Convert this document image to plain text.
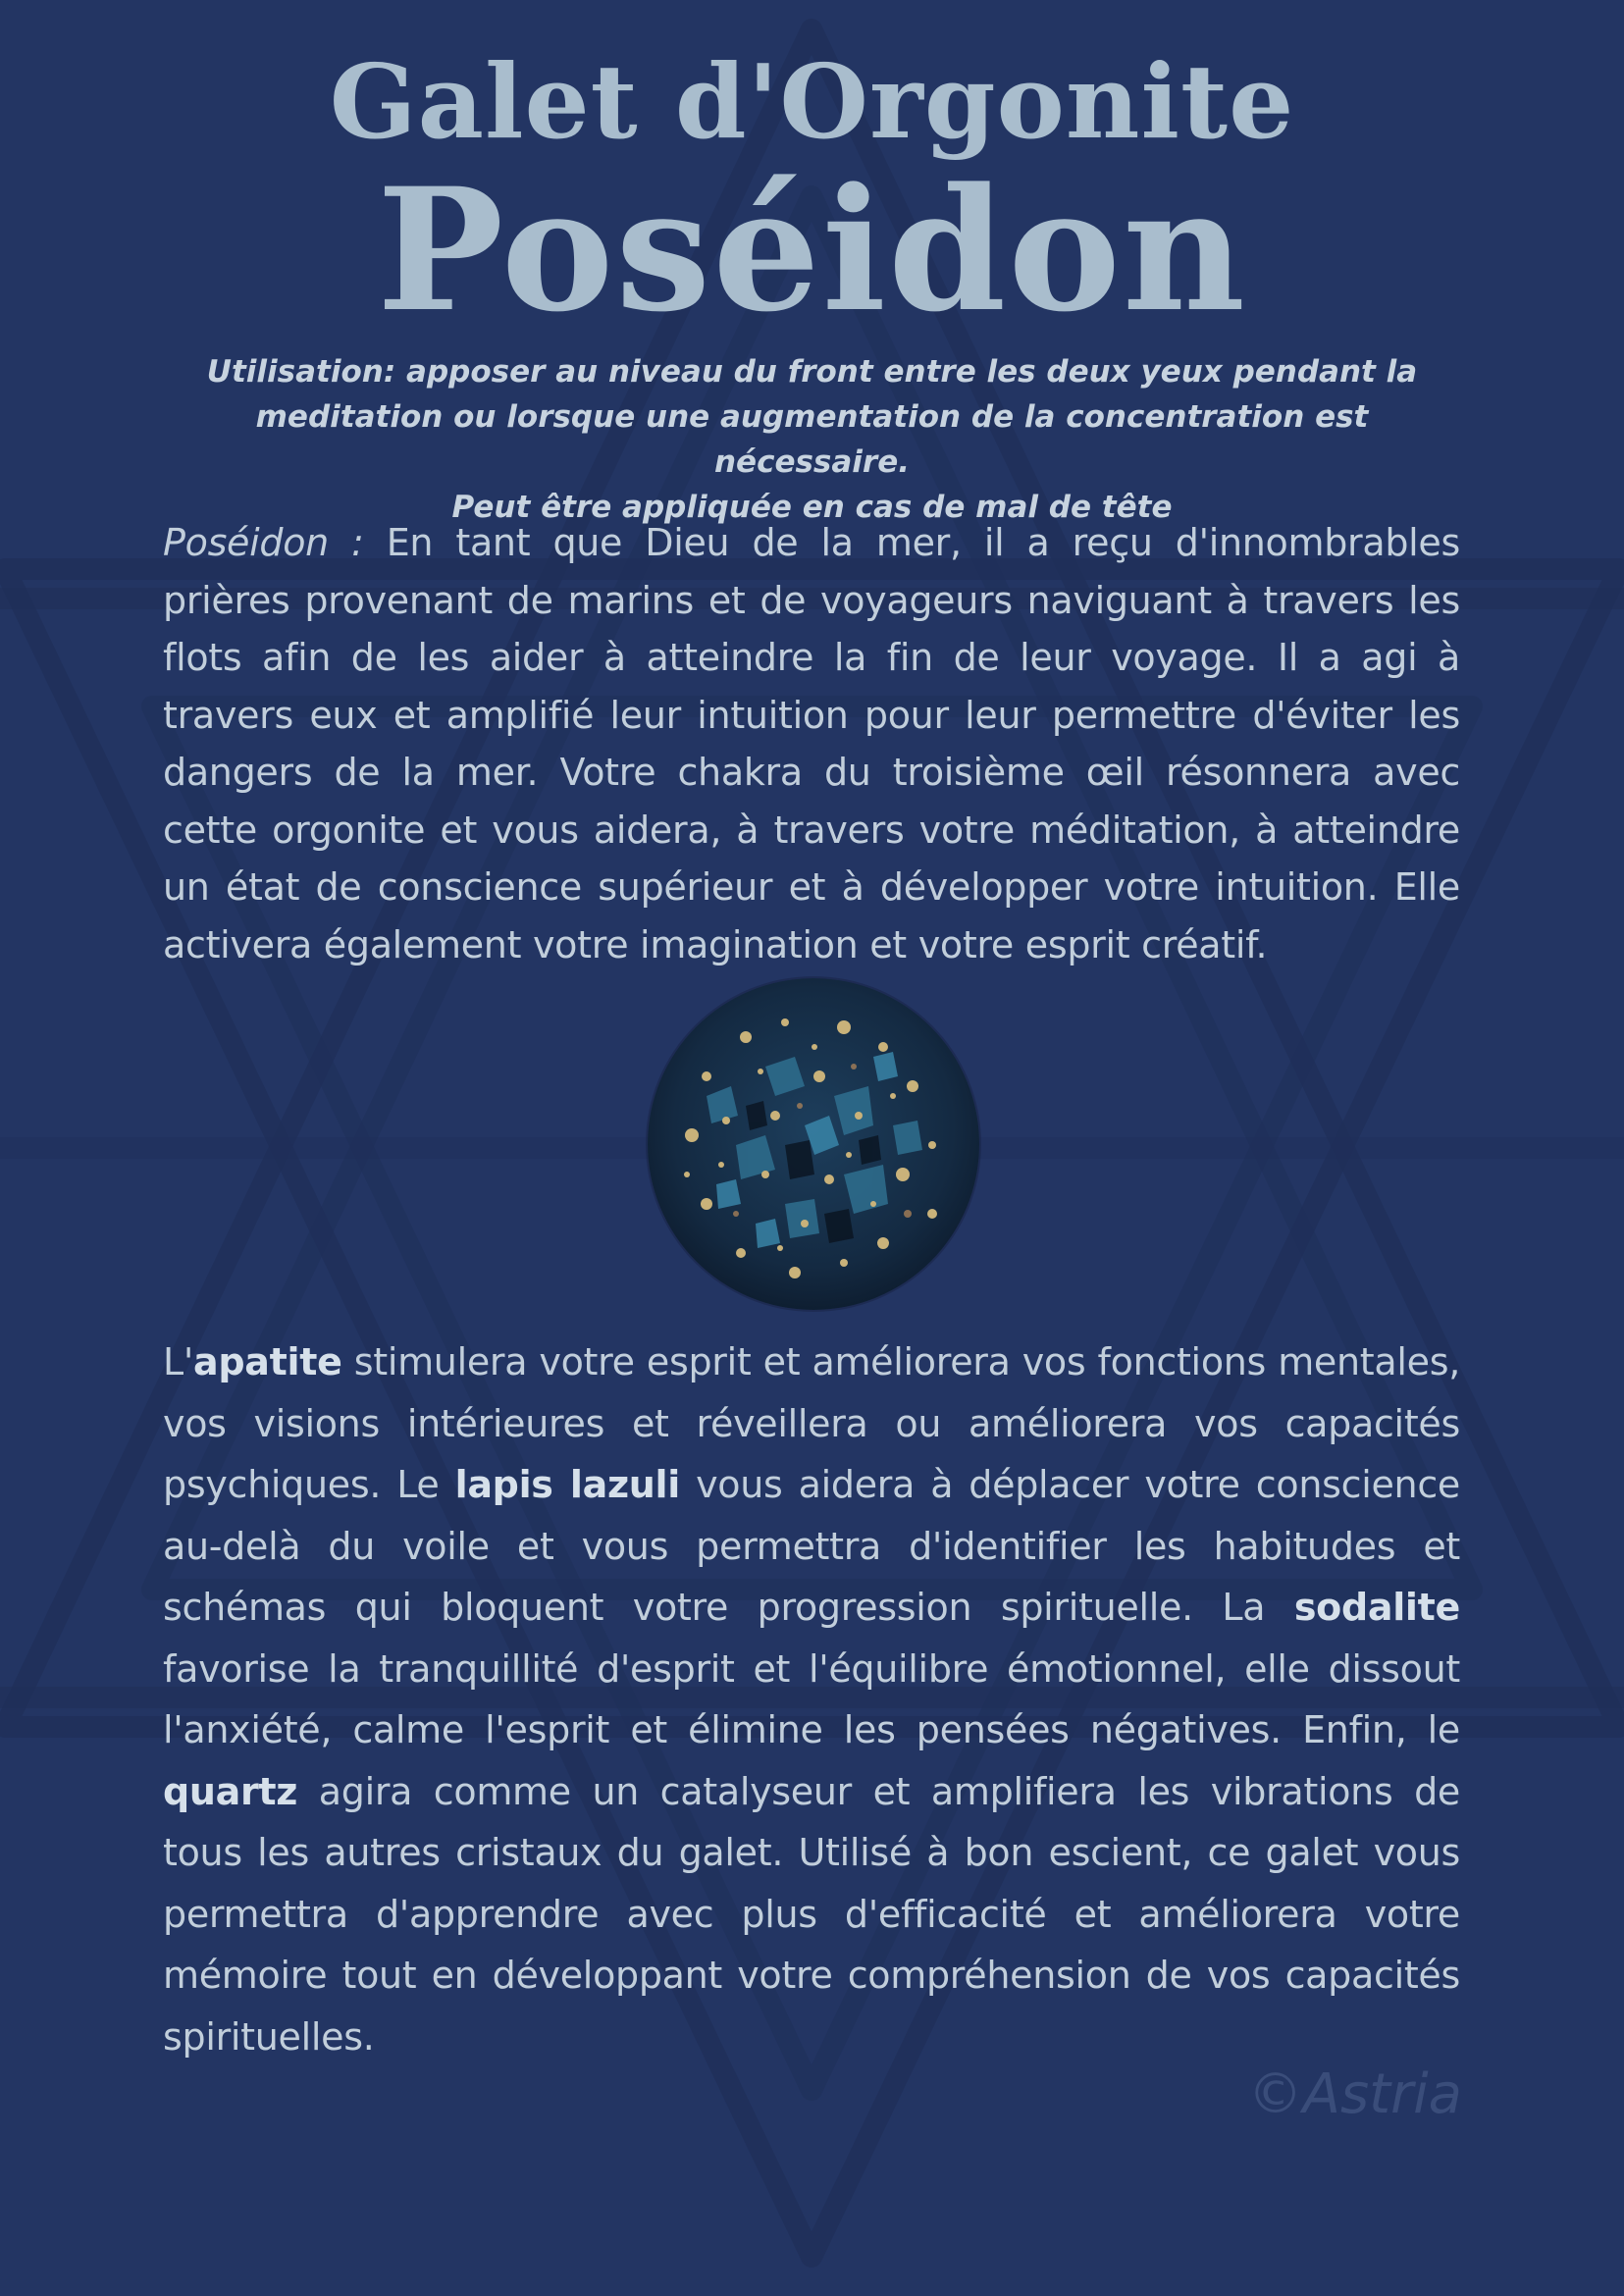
Galet d'Orgonite
Poséidon
Utilisation: apposer au niveau du front entre les deux yeux pendant la
meditation ou lorsque une augmentation de la concentration est nécessaire.
Peut être appliquée en cas de mal de tête
Poséidon : En tant que Dieu de la mer, il a reçu d'innombrables prières provenant de marins et de voyageurs naviguant à travers les flots afin de les aider à atteindre la fin de leur voyage. Il a agi à travers eux et amplifié leur intuition pour leur permettre d'éviter les dangers de la mer. Votre chakra du troisième œil résonnera avec cette orgonite et vous aidera, à travers votre méditation, à atteindre un état de conscience supérieur et à développer votre intuition. Elle activera également votre imagination et votre esprit créatif.
L'apatite stimulera votre esprit et améliorera vos fonctions mentales, vos visions intérieures et réveillera ou améliorera vos capacités psychiques. Le lapis lazuli vous aidera à déplacer votre conscience au-delà du voile et vous permettra d'identifier les habitudes et schémas qui bloquent votre progression spirituelle. La sodalite favorise la tranquillité d'esprit et l'équilibre émotionnel, elle dissout l'anxiété, calme l'esprit et élimine les pensées négatives. Enfin, le quartz agira comme un catalyseur et amplifiera les vibrations de tous les autres cristaux du galet. Utilisé à bon escient, ce galet vous permettra d'apprendre avec plus d'efficacité et améliorera votre mémoire tout en développant votre compréhension de vos capacités spirituelles.
©Astria
